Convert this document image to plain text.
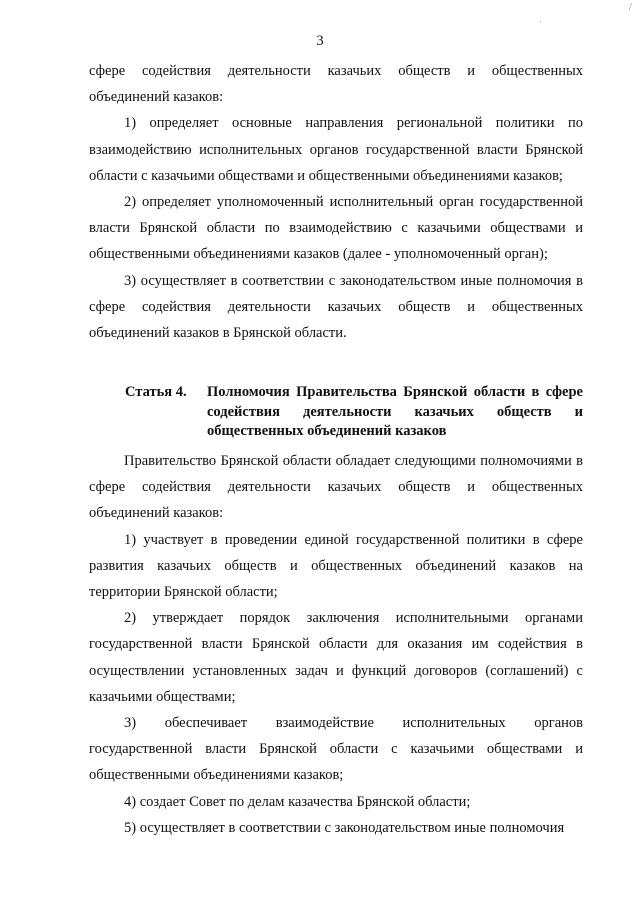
/
'
3

сфере содействия деятельности казачьих обществ и общественных объединений казаков:

1) определяет основные направления региональной политики по взаимодействию исполнительных органов государственной власти Брянской области с казачьими обществами и общественными объединениями казаков;

2) определяет уполномоченный исполнительный орган государственной власти Брянской области по взаимодействию с казачьими обществами и общественными объединениями казаков (далее - уполномоченный орган);

3) осуществляет в соответствии с законодательством иные полномочия в сфере содействия деятельности казачьих обществ и общественных объединений казаков в Брянской области.

Статья 4.	Полномочия Правительства Брянской области в сфере содействия деятельности казачьих обществ и общественных объединений казаков

Правительство Брянской области обладает следующими полномочиями в сфере содействия деятельности казачьих обществ и общественных объединений казаков:

1) участвует в проведении единой государственной политики в сфере развития казачьих обществ и общественных объединений казаков на территории Брянской области;

2) утверждает порядок заключения исполнительными органами государственной власти Брянской области для оказания им содействия в осуществлении установленных задач и функций договоров (соглашений) с казачьими обществами;

3) обеспечивает взаимодействие исполнительных органов государственной власти Брянской области с казачьими обществами и общественными объединениями казаков;

4) создает Совет по делам казачества Брянской области;

5) осуществляет в соответствии с законодательством иные полномочия
